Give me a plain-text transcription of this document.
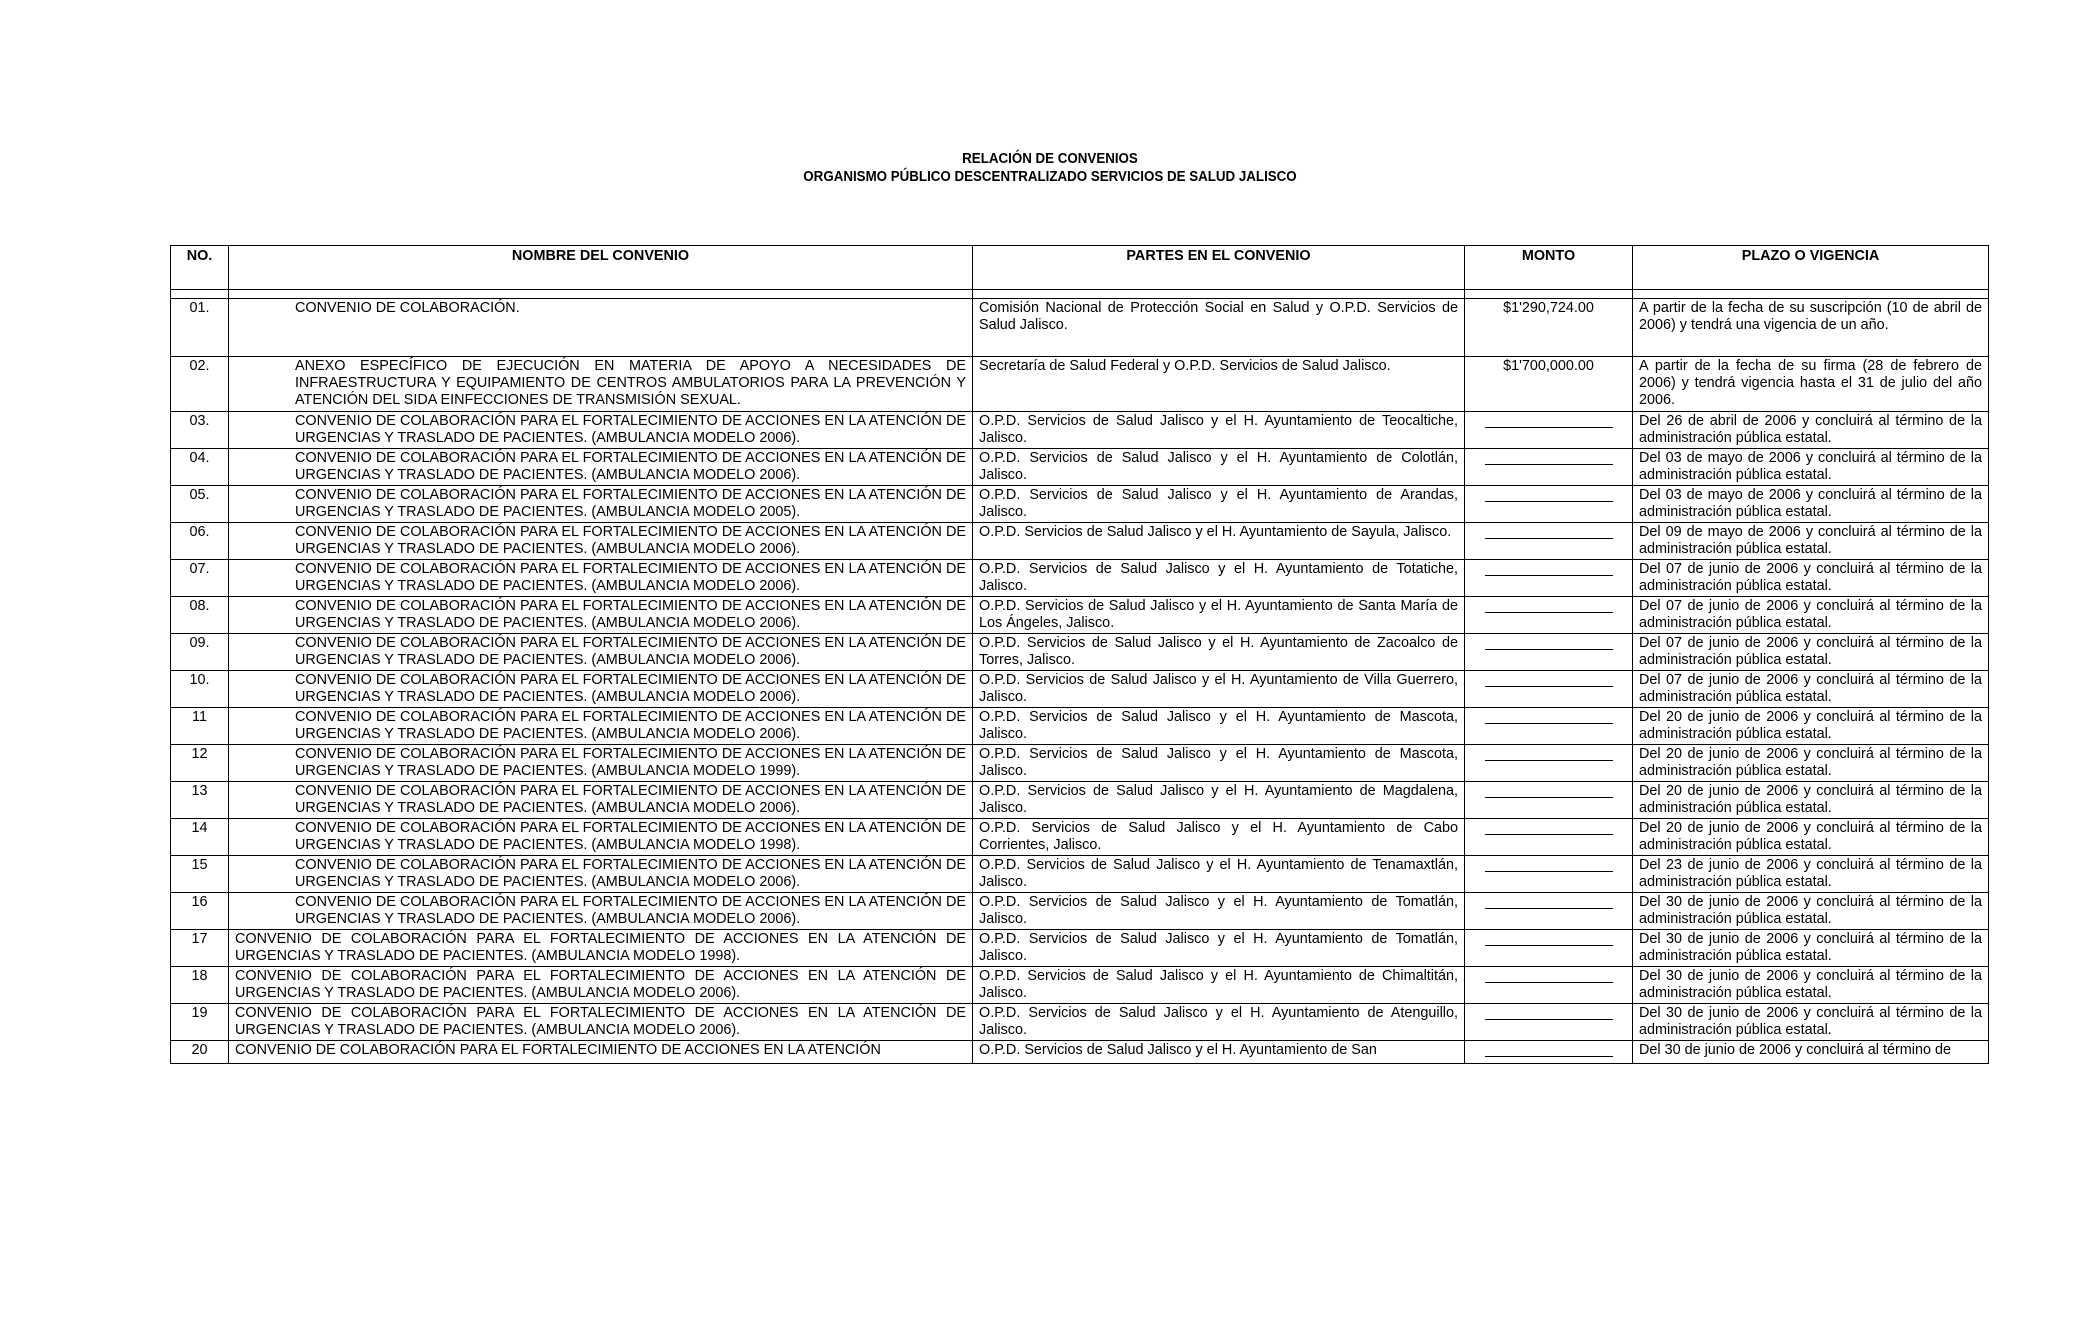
RELACIÓN DE CONVENIOS
ORGANISMO PÚBLICO DESCENTRALIZADO SERVICIOS DE SALUD JALISCO
NO.	NOMBRE DEL CONVENIO	PARTES EN EL CONVENIO	MONTO	PLAZO O VIGENCIA

01.	CONVENIO DE COLABORACIÓN.	Comisión Nacional de Protección Social en Salud y O.P.D. Servicios de Salud Jalisco.	$1'290,724.00	A partir de la fecha de su suscripción (10 de abril de 2006) y tendrá una vigencia de un año.
02.	ANEXO ESPECÍFICO DE EJECUCIÓN EN MATERIA DE APOYO A NECESIDADES DE INFRAESTRUCTURA Y EQUIPAMIENTO DE CENTROS AMBULATORIOS PARA LA PREVENCIÓN Y ATENCIÓN DEL SIDA EINFECCIONES DE TRANSMISIÓN SEXUAL.	Secretaría de Salud Federal y O.P.D. Servicios de Salud Jalisco.	$1'700,000.00	A partir de la fecha de su firma (28 de febrero de 2006) y tendrá vigencia hasta el 31 de julio del año 2006.
03.	CONVENIO DE COLABORACIÓN PARA EL FORTALECIMIENTO DE ACCIONES EN LA ATENCIÓN DE URGENCIAS Y TRASLADO DE PACIENTES. (AMBULANCIA MODELO 2006).	O.P.D. Servicios de Salud Jalisco y el H. Ayuntamiento de Teocaltiche, Jalisco.		Del 26 de abril de 2006 y concluirá al término de la administración pública estatal.
04.	CONVENIO DE COLABORACIÓN PARA EL FORTALECIMIENTO DE ACCIONES EN LA ATENCIÓN DE URGENCIAS Y TRASLADO DE PACIENTES. (AMBULANCIA MODELO 2006).	O.P.D. Servicios de Salud Jalisco y el H. Ayuntamiento de Colotlán, Jalisco.		Del 03 de mayo de 2006 y concluirá al término de la administración pública estatal.
05.	CONVENIO DE COLABORACIÓN PARA EL FORTALECIMIENTO DE ACCIONES EN LA ATENCIÓN DE URGENCIAS Y TRASLADO DE PACIENTES. (AMBULANCIA MODELO 2005).	O.P.D. Servicios de Salud Jalisco y el H. Ayuntamiento de Arandas, Jalisco.		Del 03 de mayo de 2006 y concluirá al término de la administración pública estatal.
06.	CONVENIO DE COLABORACIÓN PARA EL FORTALECIMIENTO DE ACCIONES EN LA ATENCIÓN DE URGENCIAS Y TRASLADO DE PACIENTES. (AMBULANCIA MODELO 2006).	O.P.D. Servicios de Salud Jalisco y el H. Ayuntamiento de Sayula, Jalisco.		Del 09 de mayo de 2006 y concluirá al término de la administración pública estatal.
07.	CONVENIO DE COLABORACIÓN PARA EL FORTALECIMIENTO DE ACCIONES EN LA ATENCIÓN DE URGENCIAS Y TRASLADO DE PACIENTES. (AMBULANCIA MODELO 2006).	O.P.D. Servicios de Salud Jalisco y el H. Ayuntamiento de Totatiche, Jalisco.		Del 07 de junio de 2006 y concluirá al término de la administración pública estatal.
08.	CONVENIO DE COLABORACIÓN PARA EL FORTALECIMIENTO DE ACCIONES EN LA ATENCIÓN DE URGENCIAS Y TRASLADO DE PACIENTES. (AMBULANCIA MODELO 2006).	O.P.D. Servicios de Salud Jalisco y el H. Ayuntamiento de Santa María de Los Ángeles, Jalisco.		Del 07 de junio de 2006 y concluirá al término de la administración pública estatal.
09.	CONVENIO DE COLABORACIÓN PARA EL FORTALECIMIENTO DE ACCIONES EN LA ATENCIÓN DE URGENCIAS Y TRASLADO DE PACIENTES. (AMBULANCIA MODELO 2006).	O.P.D. Servicios de Salud Jalisco y el H. Ayuntamiento de Zacoalco de Torres, Jalisco.		Del 07 de junio de 2006 y concluirá al término de la administración pública estatal.
10.	CONVENIO DE COLABORACIÓN PARA EL FORTALECIMIENTO DE ACCIONES EN LA ATENCIÓN DE URGENCIAS Y TRASLADO DE PACIENTES. (AMBULANCIA MODELO 2006).	O.P.D. Servicios de Salud Jalisco y el H. Ayuntamiento de Villa Guerrero, Jalisco.		Del 07 de junio de 2006 y concluirá al término de la administración pública estatal.
11	CONVENIO DE COLABORACIÓN PARA EL FORTALECIMIENTO DE ACCIONES EN LA ATENCIÓN DE URGENCIAS Y TRASLADO DE PACIENTES. (AMBULANCIA MODELO 2006).	O.P.D. Servicios de Salud Jalisco y el H. Ayuntamiento de Mascota, Jalisco.		Del 20 de junio de 2006 y concluirá al término de la administración pública estatal.
12	CONVENIO DE COLABORACIÓN PARA EL FORTALECIMIENTO DE ACCIONES EN LA ATENCIÓN DE URGENCIAS Y TRASLADO DE PACIENTES. (AMBULANCIA MODELO 1999).	O.P.D. Servicios de Salud Jalisco y el H. Ayuntamiento de Mascota, Jalisco.		Del 20 de junio de 2006 y concluirá al término de la administración pública estatal.
13	CONVENIO DE COLABORACIÓN PARA EL FORTALECIMIENTO DE ACCIONES EN LA ATENCIÓN DE URGENCIAS Y TRASLADO DE PACIENTES. (AMBULANCIA MODELO 2006).	O.P.D. Servicios de Salud Jalisco y el H. Ayuntamiento de Magdalena, Jalisco.		Del 20 de junio de 2006 y concluirá al término de la administración pública estatal.
14	CONVENIO DE COLABORACIÓN PARA EL FORTALECIMIENTO DE ACCIONES EN LA ATENCIÓN DE URGENCIAS Y TRASLADO DE PACIENTES. (AMBULANCIA MODELO 1998).	O.P.D. Servicios de Salud Jalisco y el H. Ayuntamiento de Cabo Corrientes, Jalisco.		Del 20 de junio de 2006 y concluirá al término de la administración pública estatal.
15	CONVENIO DE COLABORACIÓN PARA EL FORTALECIMIENTO DE ACCIONES EN LA ATENCIÓN DE URGENCIAS Y TRASLADO DE PACIENTES. (AMBULANCIA MODELO 2006).	O.P.D. Servicios de Salud Jalisco y el H. Ayuntamiento de Tenamaxtlán, Jalisco.		Del 23 de junio de 2006 y concluirá al término de la administración pública estatal.
16	CONVENIO DE COLABORACIÓN PARA EL FORTALECIMIENTO DE ACCIONES EN LA ATENCIÓN DE URGENCIAS Y TRASLADO DE PACIENTES. (AMBULANCIA MODELO 2006).	O.P.D. Servicios de Salud Jalisco y el H. Ayuntamiento de Tomatlán, Jalisco.		Del 30 de junio de 2006 y concluirá al término de la administración pública estatal.
17	CONVENIO DE COLABORACIÓN PARA EL FORTALECIMIENTO DE ACCIONES EN LA ATENCIÓN DE URGENCIAS Y TRASLADO DE PACIENTES. (AMBULANCIA MODELO 1998).	O.P.D. Servicios de Salud Jalisco y el H. Ayuntamiento de Tomatlán, Jalisco.		Del 30 de junio de 2006 y concluirá al término de la administración pública estatal.
18	CONVENIO DE COLABORACIÓN PARA EL FORTALECIMIENTO DE ACCIONES EN LA ATENCIÓN DE URGENCIAS Y TRASLADO DE PACIENTES. (AMBULANCIA MODELO 2006).	O.P.D. Servicios de Salud Jalisco y el H. Ayuntamiento de Chimaltitán, Jalisco.		Del 30 de junio de 2006 y concluirá al término de la administración pública estatal.
19	CONVENIO DE COLABORACIÓN PARA EL FORTALECIMIENTO DE ACCIONES EN LA ATENCIÓN DE URGENCIAS Y TRASLADO DE PACIENTES. (AMBULANCIA MODELO 2006).	O.P.D. Servicios de Salud Jalisco y el H. Ayuntamiento de Atenguillo, Jalisco.		Del 30 de junio de 2006 y concluirá al término de la administración pública estatal.
20	CONVENIO DE COLABORACIÓN PARA EL FORTALECIMIENTO DE ACCIONES EN LA ATENCIÓN	O.P.D. Servicios de Salud Jalisco y el H. Ayuntamiento de San		Del 30 de junio de 2006 y concluirá al término de
